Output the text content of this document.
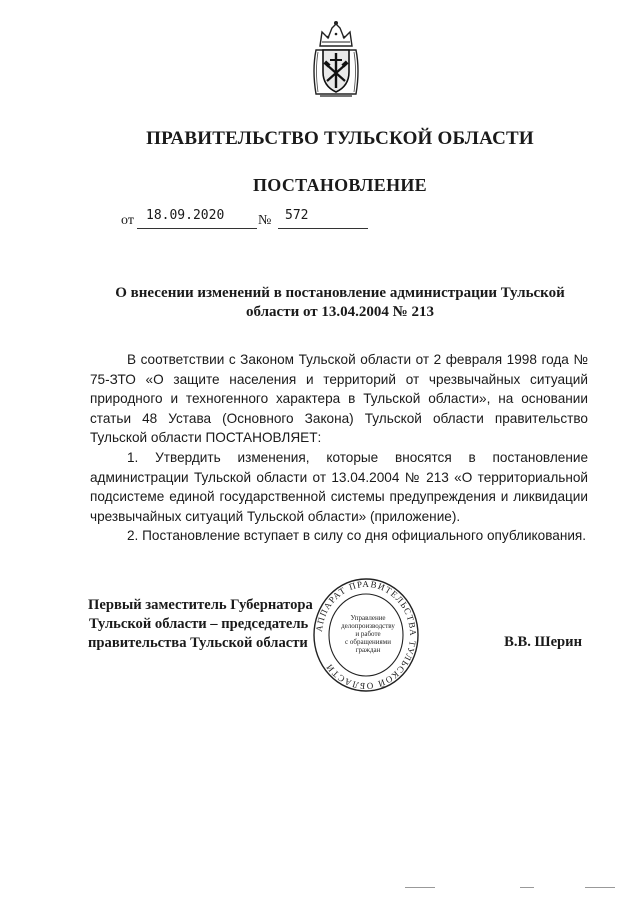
ПРАВИТЕЛЬСТВО ТУЛЬСКОЙ ОБЛАСТИ
ПОСТАНОВЛЕНИЕ
от 18.09.2020 № 572
О внесении изменений в постановление администрации Тульской области от 13.04.2004 № 213

В соответствии с Законом Тульской области от 2 февраля 1998 года № 75-ЗТО «О защите населения и территорий от чрезвычайных ситуаций природного и техногенного характера в Тульской области», на основании статьи 48 Устава (Основного Закона) Тульской области правительство Тульской области ПОСТАНОВЛЯЕТ:

1. Утвердить изменения, которые вносятся в постановление администрации Тульской области от 13.04.2004 № 213 «О территориальной подсистеме единой государственной системы предупреждения и ликвидации чрезвычайных ситуаций Тульской области» (приложение).

2. Постановление вступает в силу со дня официального опубликования.

Первый заместитель Губернатора
Тульской области – председатель
правительства Тульской области	В.В. Шерин
АППАРАТ ПРАВИТЕЛЬСТВА ТУЛЬСКОЙ ОБЛАСТИ
Управление
делопроизводству
и работе
с обращениями
граждан
